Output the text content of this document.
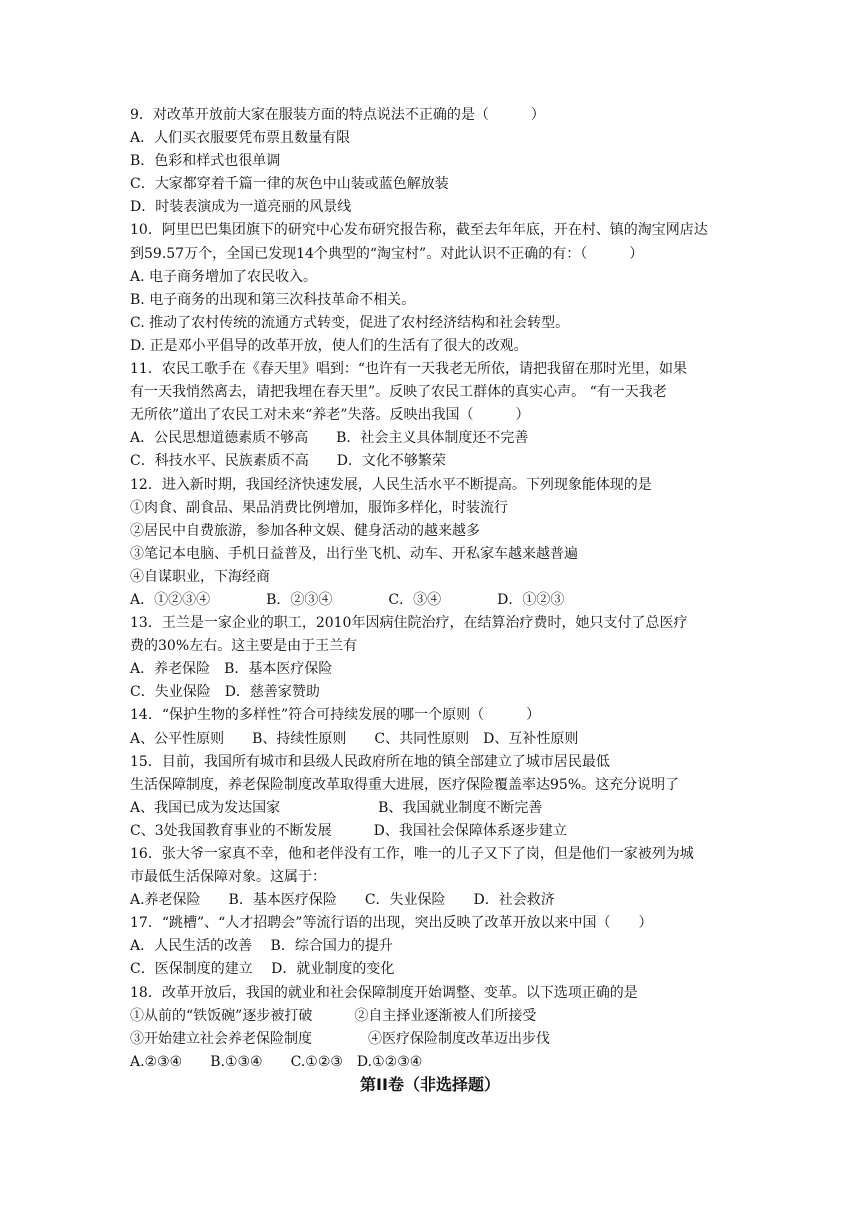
9．对改革开放前大家在服装方面的特点说法不正确的是（　　　）
A．人们买衣服要凭布票且数量有限
B．色彩和样式也很单调
C．大家都穿着千篇一律的灰色中山装或蓝色解放装
D．时装表演成为一道亮丽的风景线
10．阿里巴巴集团旗下的研究中心发布研究报告称，截至去年年底，开在村、镇的淘宝网店达
到59.57万个，全国已发现14个典型的“淘宝村”。对此认识不正确的有：（　　　）
A. 电子商务增加了农民收入。
B. 电子商务的出现和第三次科技革命不相关。
C. 推动了农村传统的流通方式转变，促进了农村经济结构和社会转型。
D. 正是邓小平倡导的改革开放，使人们的生活有了很大的改观。
11．农民工歌手在《春天里》唱到：“也许有一天我老无所依，请把我留在那时光里，如果
有一天我悄然离去，请把我埋在春天里”。反映了农民工群体的真实心声。 “有一天我老
无所依”道出了农民工对未来“养老”失落。反映出我国（　　　）
A．公民思想道德素质不够高　　B．社会主义具体制度还不完善
C．科技水平、民族素质不高　　D．文化不够繁荣
12．进入新时期，我国经济快速发展，人民生活水平不断提高。下列现象能体现的是
①肉食、副食品、果品消费比例增加，服饰多样化，时装流行
②居民中自费旅游，参加各种文娱、健身活动的越来越多
③笔记本电脑、手机日益普及，出行坐飞机、动车、开私家车越来越普遍
④自谋职业，下海经商
A．①②③④　　　　B．②③④　　　　C．③④　　　　D．①②③
13．王兰是一家企业的职工，2010年因病住院治疗，在结算治疗费时，她只支付了总医疗
费的30%左右。这主要是由于王兰有
A．养老保险　B．基本医疗保险
C．失业保险　D．慈善家赞助
14．“保护生物的多样性”符合可持续发展的哪一个原则（　　　）
A、公平性原则　　B、持续性原则　　C、共同性原则　D、互补性原则
15．目前，我国所有城市和县级人民政府所在地的镇全部建立了城市居民最低
生活保障制度，养老保险制度改革取得重大进展，医疗保险覆盖率达95%。这充分说明了
A、我国已成为发达国家　　　　　　　B、我国就业制度不断完善
C、3处我国教育事业的不断发展　　　D、我国社会保障体系逐步建立
16．张大爷一家真不幸，他和老伴没有工作，唯一的儿子又下了岗，但是他们一家被列为城
市最低生活保障对象。这属于：
A.养老保险　　B．基本医疗保险　　C．失业保险　　D．社会救济
17．“跳槽”、“人才招聘会”等流行语的出现，突出反映了改革开放以来中国（　　）
A．人民生活的改善　 B．综合国力的提升
C．医保制度的建立　 D．就业制度的变化
18．改革开放后，我国的就业和社会保障制度开始调整、变革。以下选项正确的是
①从前的“铁饭碗”逐步被打破　　　②自主择业逐渐被人们所接受
③开始建立社会养老保险制度　　　　④医疗保险制度改革迈出步伐
A.②③④　　B.①③④　　C.①②③　D.①②③④
第II卷（非选择题）
